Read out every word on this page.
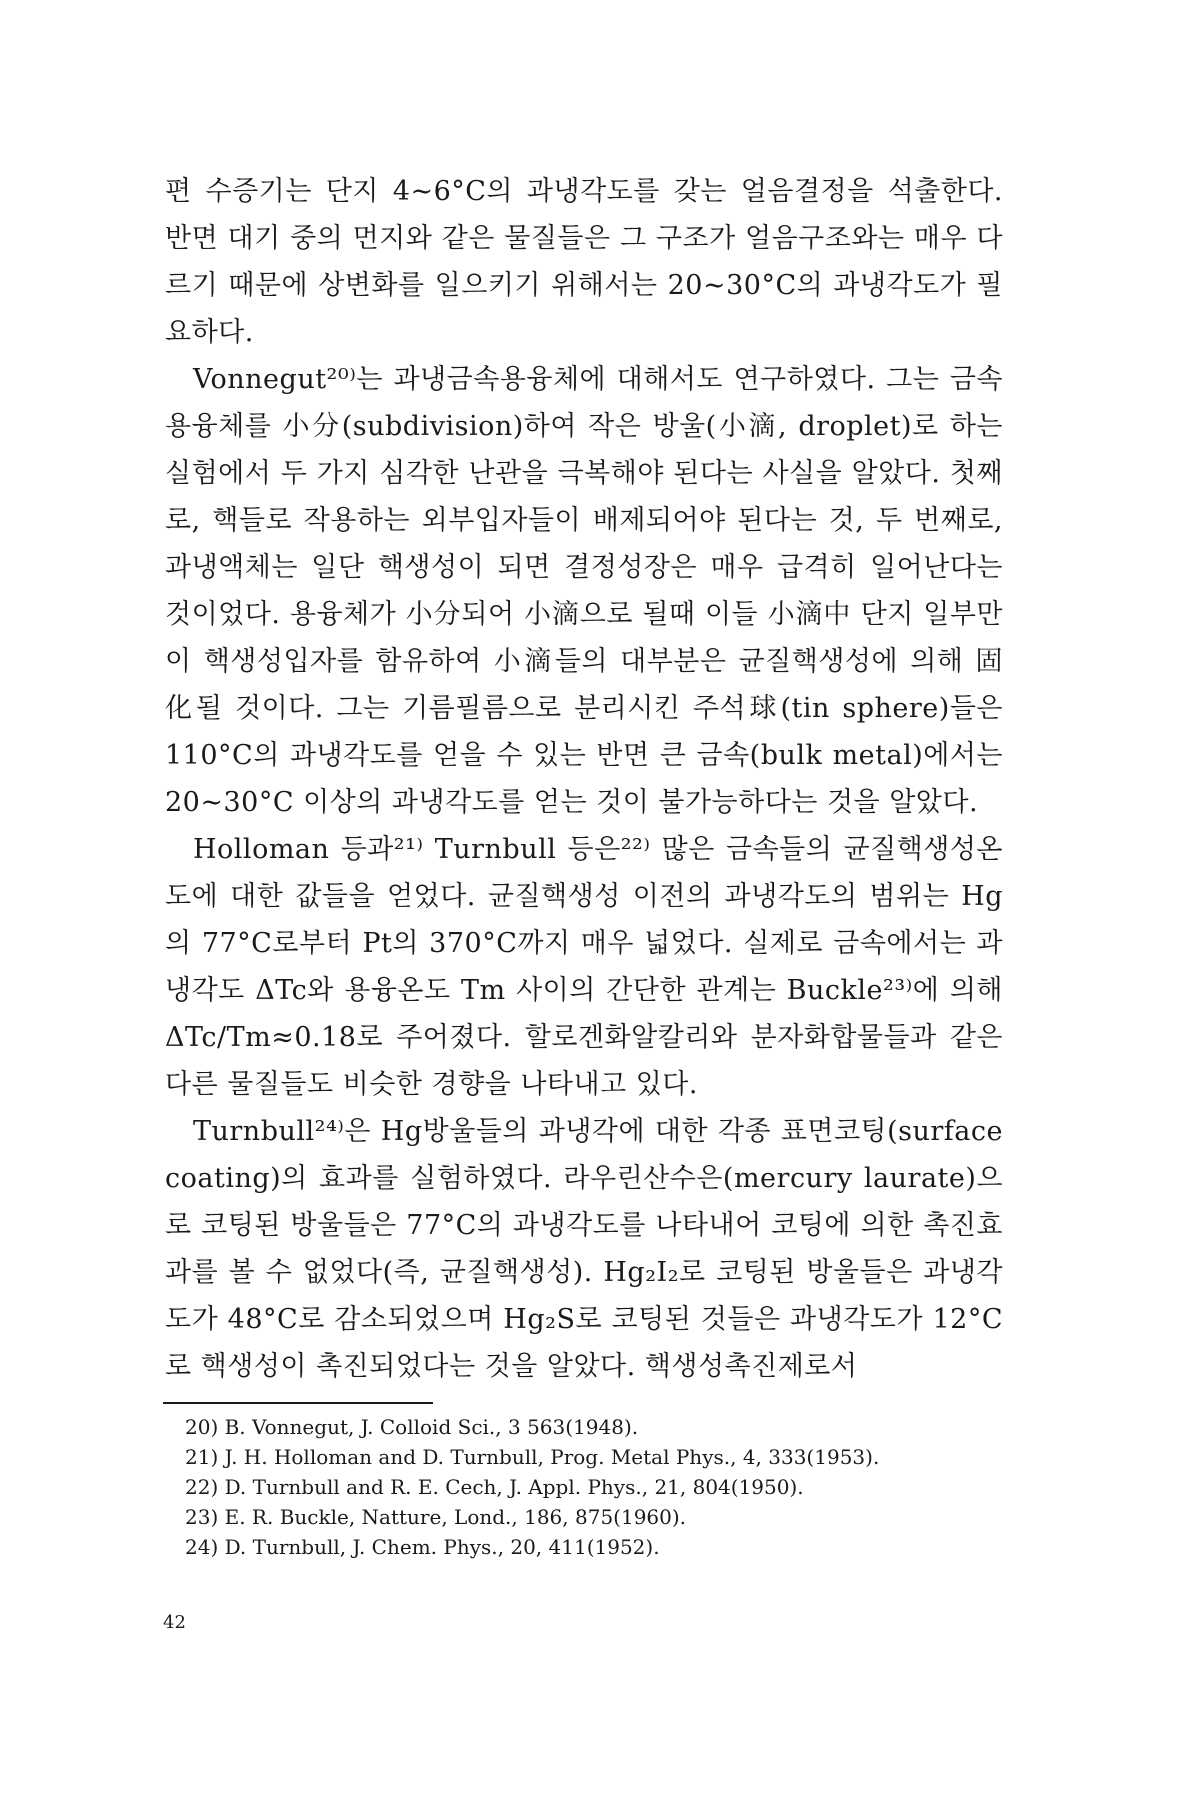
편 수증기는 단지 4∼6°C의 과냉각도를 갖는 얼음결정을 석출한다. 반면 대기 중의 먼지와 같은 물질들은 그 구조가 얼음구조와는 매우 다르기 때문에 상변화를 일으키기 위해서는 20∼30°C의 과냉각도가 필요하다.

Vonnegut²⁰⁾는 과냉금속용융체에 대해서도 연구하였다. 그는 금속용융체를 小分(subdivision)하여 작은 방울(小滴, droplet)로 하는 실험에서 두 가지 심각한 난관을 극복해야 된다는 사실을 알았다. 첫째로, 핵들로 작용하는 외부입자들이 배제되어야 된다는 것, 두 번째로, 과냉액체는 일단 핵생성이 되면 결정성장은 매우 급격히 일어난다는 것이었다. 용융체가 小分되어 小滴으로 될때 이들 小滴中 단지 일부만이 핵생성입자를 함유하여 小滴들의 대부분은 균질핵생성에 의해 固化될 것이다. 그는 기름필름으로 분리시킨 주석球(tin sphere)들은 110°C의 과냉각도를 얻을 수 있는 반면 큰 금속(bulk metal)에서는 20∼30°C 이상의 과냉각도를 얻는 것이 불가능하다는 것을 알았다.

Holloman 등과²¹⁾ Turnbull 등은²²⁾ 많은 금속들의 균질핵생성온도에 대한 값들을 얻었다. 균질핵생성 이전의 과냉각도의 범위는 Hg의 77°C로부터 Pt의 370°C까지 매우 넓었다. 실제로 금속에서는 과냉각도 ΔTc와 용융온도 Tm 사이의 간단한 관계는 Buckle²³⁾에 의해 ΔTc/Tm≈0.18로 주어졌다. 할로겐화알칼리와 분자화합물들과 같은 다른 물질들도 비슷한 경향을 나타내고 있다.

Turnbull²⁴⁾은 Hg방울들의 과냉각에 대한 각종 표면코팅(surface coating)의 효과를 실험하였다. 라우린산수은(mercury laurate)으로 코팅된 방울들은 77°C의 과냉각도를 나타내어 코팅에 의한 촉진효과를 볼 수 없었다(즉, 균질핵생성). Hg₂I₂로 코팅된 방울들은 과냉각도가 48°C로 감소되었으며 Hg₂S로 코팅된 것들은 과냉각도가 12°C로 핵생성이 촉진되었다는 것을 알았다. 핵생성촉진제로서

20) B. Vonnegut, J. Colloid Sci., 3 563(1948).
21) J. H. Holloman and D. Turnbull, Prog. Metal Phys., 4, 333(1953).
22) D. Turnbull and R. E. Cech, J. Appl. Phys., 21, 804(1950).
23) E. R. Buckle, Natture, Lond., 186, 875(1960).
24) D. Turnbull, J. Chem. Phys., 20, 411(1952).
42
